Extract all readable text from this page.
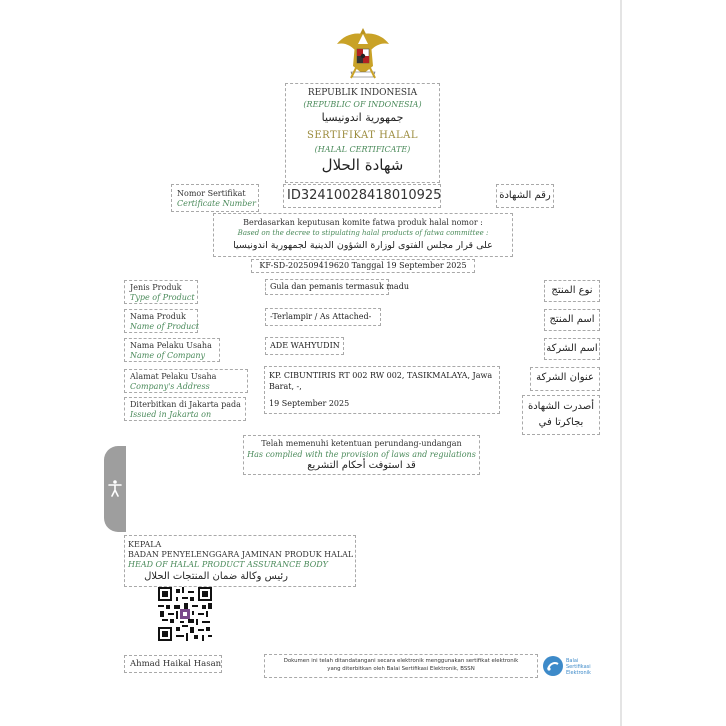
REPUBLIK INDONESIA
(REPUBLIC OF INDONESIA)
جمهورية اندونيسيا
SERTIFIKAT HALAL
(HALAL CERTIFICATE)
شهادة الحلال
Nomor Sertifikat
Certificate Number
ID32410028418010925	رقم الشهادة
Berdasarkan keputusan komite fatwa produk halal nomor :
Based on the decree to stipulating halal products of fatwa committee :
على قرار مجلس الفتوى لوزارة الشؤون الدينية لجمهورية اندونيسيا
KF-SD-202509419620 Tanggal 19 September 2025
Jenis Produk
Type of Product
Gula dan pemanis termasuk madu	نوع المنتج
Nama Produk
Name of Product
-Terlampir / As Attached-	اسم المنتج
Nama Pelaku Usaha
Name of Company
ADE WAHYUDIN	اسم الشركة
Alamat Pelaku Usaha
Company's Address
KP. CIBUNTIRIS RT 002 RW 002, TASIKMALAYA, Jawa
Barat, -,
عنوان الشركة
Diterbitkan di Jakarta pada
Issued in Jakarta on
19 September 2025	أصدرت الشهادة
بجاكرتا في
Telah memenuhi ketentuan perundang-undangan
Has complied with the provision of laws and regulations
قد استوفت أحكام التشريع
KEPALA
BADAN PENYELENGGARA JAMINAN PRODUK HALAL
HEAD OF HALAL PRODUCT ASSURANCE BODY
رئيس وكالة ضمان المنتجات الحلال
Ahmad Haikal Hasan	Dokumen ini telah ditandatangani secara elektronik menggunakan sertifikat elektronik
yang diterbitkan oleh Balai Sertifikasi Elektronik, BSSN
Balai
Sertifikasi
Elektronik
